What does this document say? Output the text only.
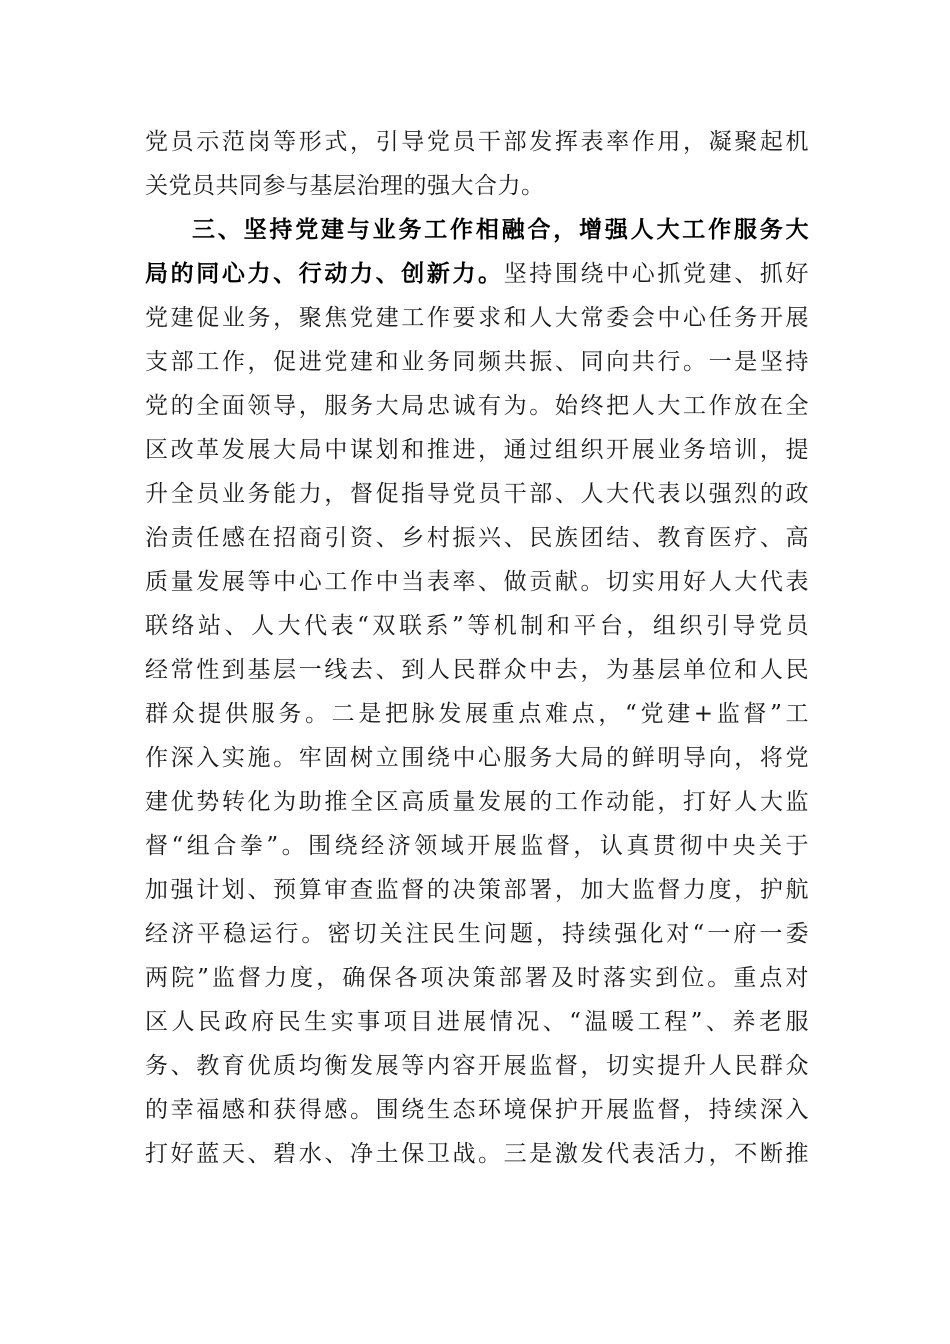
党员示范岗等形式，引导党员干部发挥表率作用，凝聚起机
关党员共同参与基层治理的强大合力。
三、坚持党建与业务工作相融合，增强人大工作服务大
局的同心力、行动力、创新力。坚持围绕中心抓党建、抓好
党建促业务，聚焦党建工作要求和人大常委会中心任务开展
支部工作，促进党建和业务同频共振、同向共行。一是坚持
党的全面领导，服务大局忠诚有为。始终把人大工作放在全
区改革发展大局中谋划和推进，通过组织开展业务培训，提
升全员业务能力，督促指导党员干部、人大代表以强烈的政
治责任感在招商引资、乡村振兴、民族团结、教育医疗、高
质量发展等中心工作中当表率、做贡献。切实用好人大代表
联络站、人大代表“双联系”等机制和平台，组织引导党员
经常性到基层一线去、到人民群众中去，为基层单位和人民
群众提供服务。二是把脉发展重点难点，“党建+监督”工
作深入实施。牢固树立围绕中心服务大局的鲜明导向，将党
建优势转化为助推全区高质量发展的工作动能，打好人大监
督“组合拳”。围绕经济领域开展监督，认真贯彻中央关于
加强计划、预算审查监督的决策部署，加大监督力度，护航
经济平稳运行。密切关注民生问题，持续强化对“一府一委
两院”监督力度，确保各项决策部署及时落实到位。重点对
区人民政府民生实事项目进展情况、“温暖工程”、养老服
务、教育优质均衡发展等内容开展监督，切实提升人民群众
的幸福感和获得感。围绕生态环境保护开展监督，持续深入
打好蓝天、碧水、净土保卫战。三是激发代表活力，不断推
